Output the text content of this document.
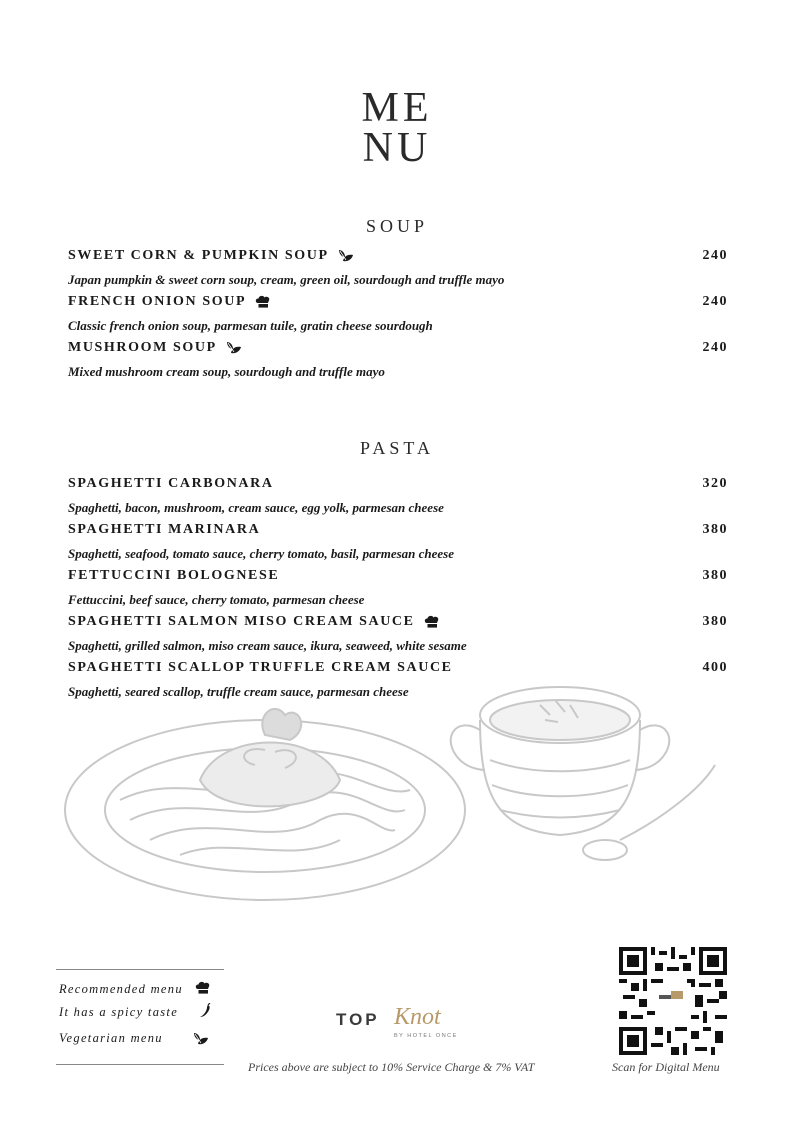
ME
NU
SOUP
SWEET CORN & PUMPKIN SOUP	240
Japan pumpkin & sweet corn soup, cream, green oil, sourdough and truffle mayo
FRENCH ONION SOUP	240
Classic french onion soup, parmesan tuile, gratin cheese sourdough
MUSHROOM SOUP	240
Mixed mushroom cream soup, sourdough and truffle mayo
PASTA
SPAGHETTI CARBONARA	320
Spaghetti, bacon, mushroom, cream sauce, egg yolk, parmesan cheese
SPAGHETTI MARINARA	380
Spaghetti, seafood, tomato sauce, cherry tomato, basil, parmesan cheese
FETTUCCINI BOLOGNESE	380
Fettuccini, beef sauce, cherry tomato, parmesan cheese
SPAGHETTI SALMON MISO CREAM SAUCE	380
Spaghetti, grilled salmon, miso cream sauce, ikura, seaweed, white sesame
SPAGHETTI SCALLOP TRUFFLE CREAM SAUCE	400
Spaghetti, seared scallop, truffle cream sauce, parmesan cheese
Recommended menu
It has a spicy taste
Vegetarian menu
TOP Knot
BY HOTEL ONCE
Prices above are subject to 10% Service Charge & 7% VAT	Scan for Digital Menu
